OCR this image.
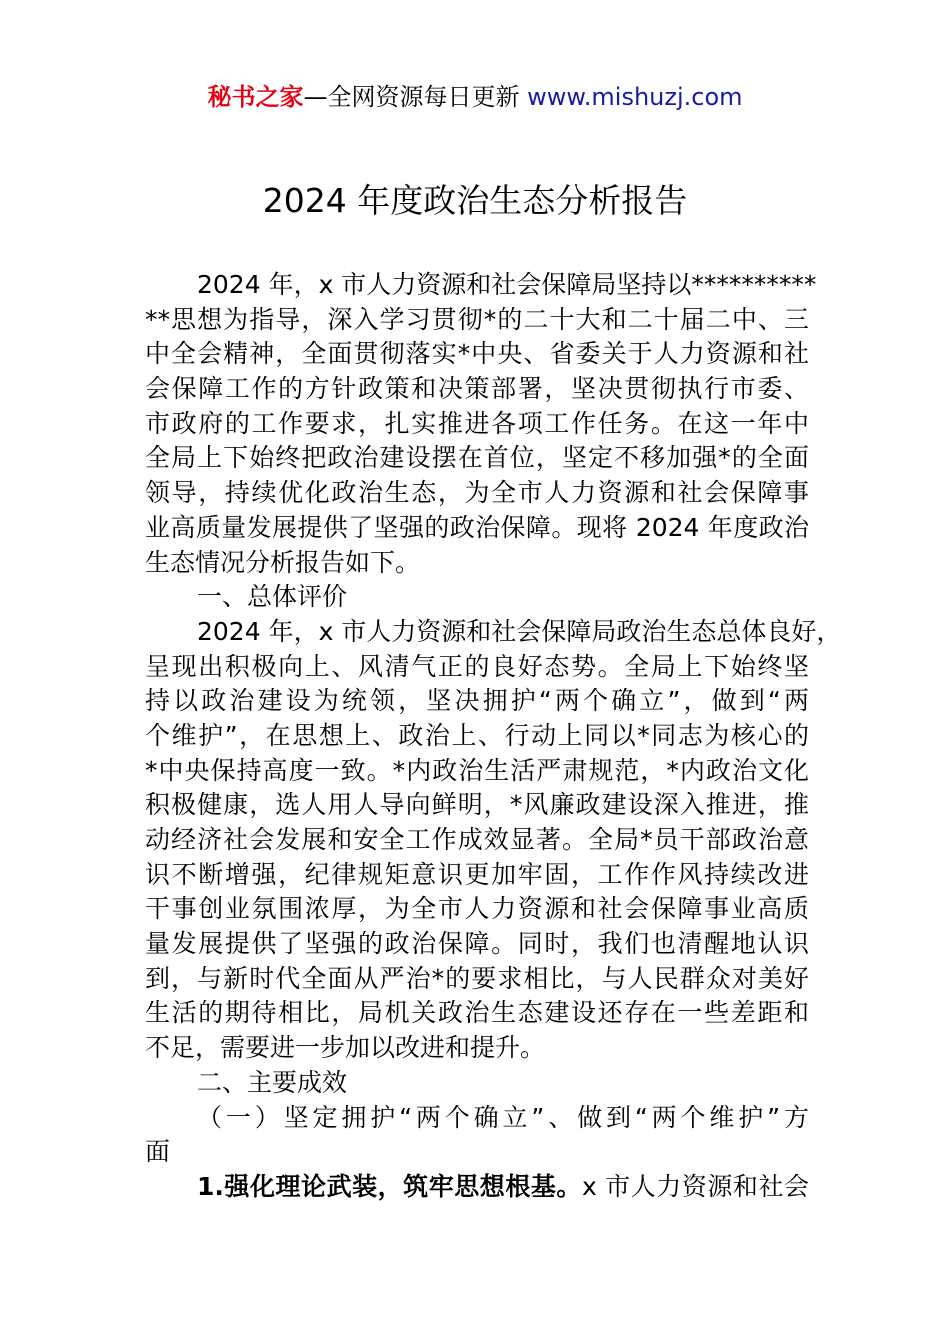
秘书之家—全网资源每日更新 www.mishuzj.com
2024 年度政治生态分析报告
2024 年，x 市人力资源和社会保障局坚持以**********
**思想为指导，深入学习贯彻*的二十大和二十届二中、三
中全会精神，全面贯彻落实*中央、省委关于人力资源和社
会保障工作的方针政策和决策部署，坚决贯彻执行市委、
市政府的工作要求，扎实推进各项工作任务。在这一年中
全局上下始终把政治建设摆在首位，坚定不移加强*的全面
领导，持续优化政治生态，为全市人力资源和社会保障事
业高质量发展提供了坚强的政治保障。现将 2024 年度政治
生态情况分析报告如下。
一、总体评价
2024 年，x 市人力资源和社会保障局政治生态总体良好，
呈现出积极向上、风清气正的良好态势。全局上下始终坚
持以政治建设为统领，坚决拥护“两个确立”，做到“两
个维护”，在思想上、政治上、行动上同以*同志为核心的
*中央保持高度一致。*内政治生活严肃规范，*内政治文化
积极健康，选人用人导向鲜明，*风廉政建设深入推进，推
动经济社会发展和安全工作成效显著。全局*员干部政治意
识不断增强，纪律规矩意识更加牢固，工作作风持续改进
干事创业氛围浓厚，为全市人力资源和社会保障事业高质
量发展提供了坚强的政治保障。同时，我们也清醒地认识
到，与新时代全面从严治*的要求相比，与人民群众对美好
生活的期待相比，局机关政治生态建设还存在一些差距和
不足，需要进一步加以改进和提升。
二、主要成效
（一）坚定拥护“两个确立”、做到“两个维护”方
面
1.强化理论武装，筑牢思想根基。x 市人力资源和社会
